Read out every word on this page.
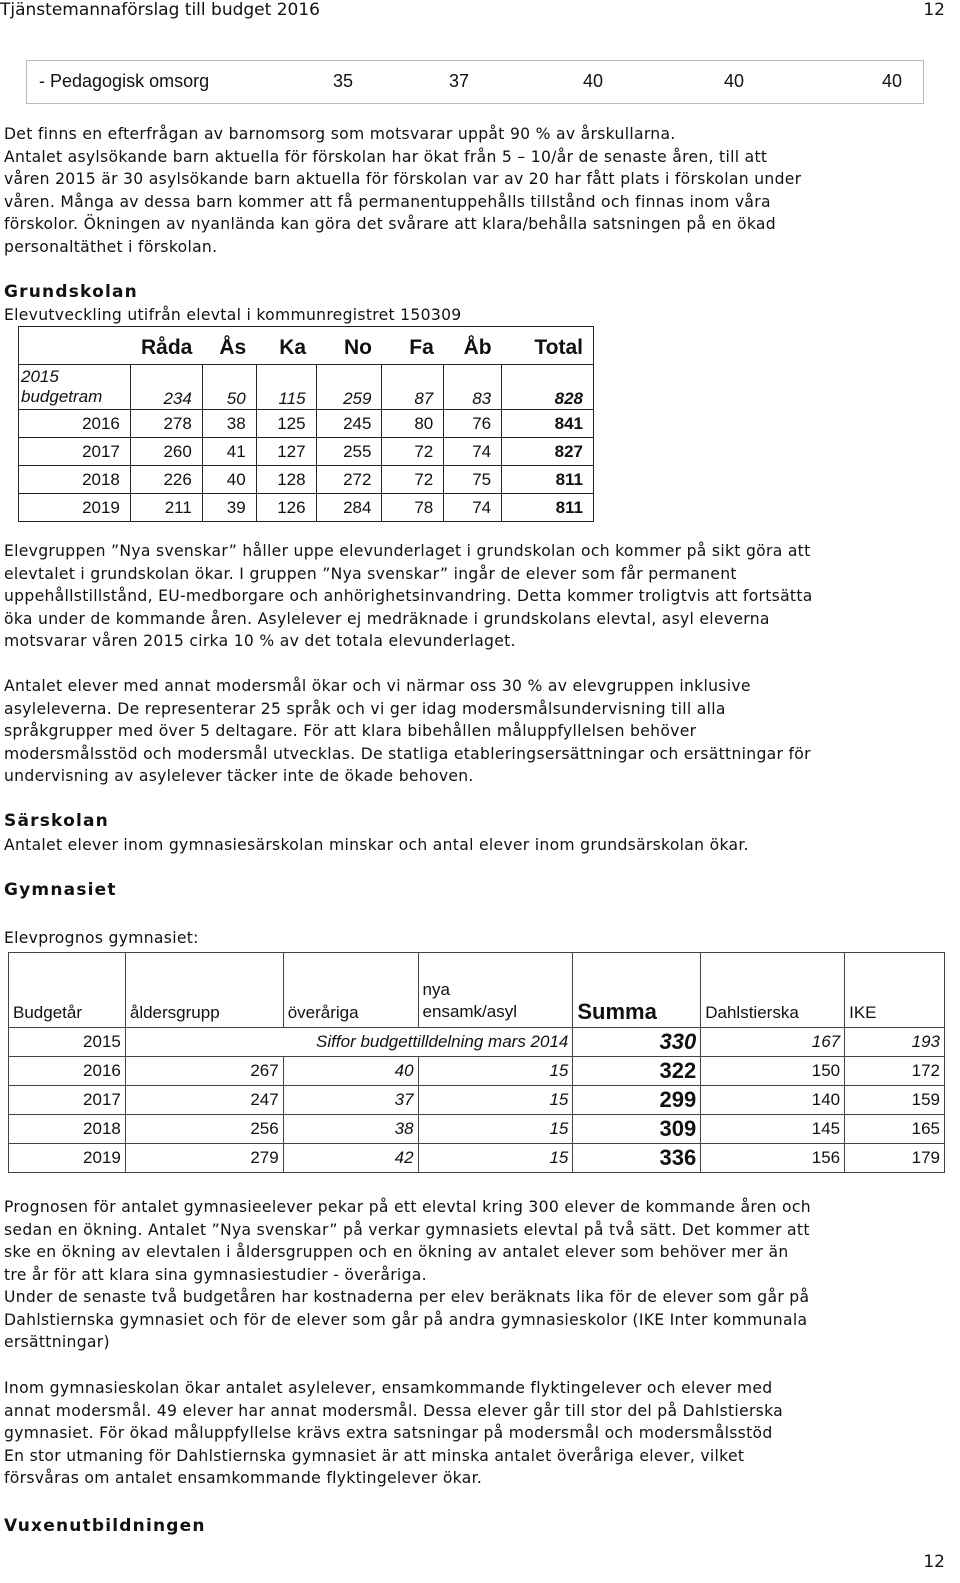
Tjänstemannaförslag till budget 2016	12
- Pedagogisk omsorg	35	37	40	40	40

Det finns en efterfrågan av barnomsorg som motsvarar uppåt 90 % av årskullarna.

Antalet asylsökande barn aktuella för förskolan har ökat från 5 – 10/år de senaste åren, till att

våren 2015 är 30 asylsökande barn aktuella för förskolan var av 20 har fått plats i förskolan under

våren. Många av dessa barn kommer att få permanentuppehålls tillstånd och finnas inom våra

förskolor. Ökningen av nyanlända kan göra det svårare att klara/behålla satsningen på en ökad

personaltäthet i förskolan.

Grundskolan

Elevutveckling utifrån elevtal i kommunregistret 150309

	Råda	Ås	Ka	No	Fa	Åb	Total
2015
budgetram	234	50	115	259	87	83	828
2016	278	38	125	245	80	76	841
2017	260	41	127	255	72	74	827
2018	226	40	128	272	72	75	811
2019	211	39	126	284	78	74	811

Elevgruppen ”Nya svenskar” håller uppe elevunderlaget i grundskolan och kommer på sikt göra att

elevtalet i grundskolan ökar. I gruppen ”Nya svenskar” ingår de elever som får permanent

uppehållstillstånd, EU-medborgare och anhörighetsinvandring. Detta kommer troligtvis att fortsätta

öka under de kommande åren. Asylelever ej medräknade i grundskolans elevtal, asyl eleverna

motsvarar våren 2015 cirka 10 % av det totala elevunderlaget.

Antalet elever med annat modersmål ökar och vi närmar oss 30 % av elevgruppen inklusive

asyleleverna. De representerar 25 språk och vi ger idag modersmålsundervisning till alla

språkgrupper med över 5 deltagare. För att klara bibehållen måluppfyllelsen behöver

modersmålsstöd och modersmål utvecklas. De statliga etableringsersättningar och ersättningar för

undervisning av asylelever täcker inte de ökade behoven.

Särskolan

Antalet elever inom gymnasiesärskolan minskar och antal elever inom grundsärskolan ökar.

Gymnasiet

Elevprognos gymnasiet:

Budgetår	åldersgrupp	överåriga	nya
ensamk/asyl	Summa	Dahlstierska	IKE
2015	Siffor budgettilldelning mars 2014			330	167	193
2016	267	40	15	322	150	172
2017	247	37	15	299	140	159
2018	256	38	15	309	145	165
2019	279	42	15	336	156	179

Prognosen för antalet gymnasieelever pekar på ett elevtal kring 300 elever de kommande åren och

sedan en ökning. Antalet ”Nya svenskar” på verkar gymnasiets elevtal på två sätt. Det kommer att

ske en ökning av elevtalen i åldersgruppen och en ökning av antalet elever som behöver mer än

tre år för att klara sina gymnasiestudier - överåriga.

Under de senaste två budgetåren har kostnaderna per elev beräknats lika för de elever som går på

Dahlstiernska gymnasiet och för de elever som går på andra gymnasieskolor (IKE Inter kommunala

ersättningar)

Inom gymnasieskolan ökar antalet asylelever, ensamkommande flyktingelever och elever med

annat modersmål. 49 elever har annat modersmål. Dessa elever går till stor del på Dahlstierska

gymnasiet. För ökad måluppfyllelse krävs extra satsningar på modersmål och modersmålsstöd

En stor utmaning för Dahlstiernska gymnasiet är att minska antalet överåriga elever, vilket

försvåras om antalet ensamkommande flyktingelever ökar.

Vuxenutbildningen
12
